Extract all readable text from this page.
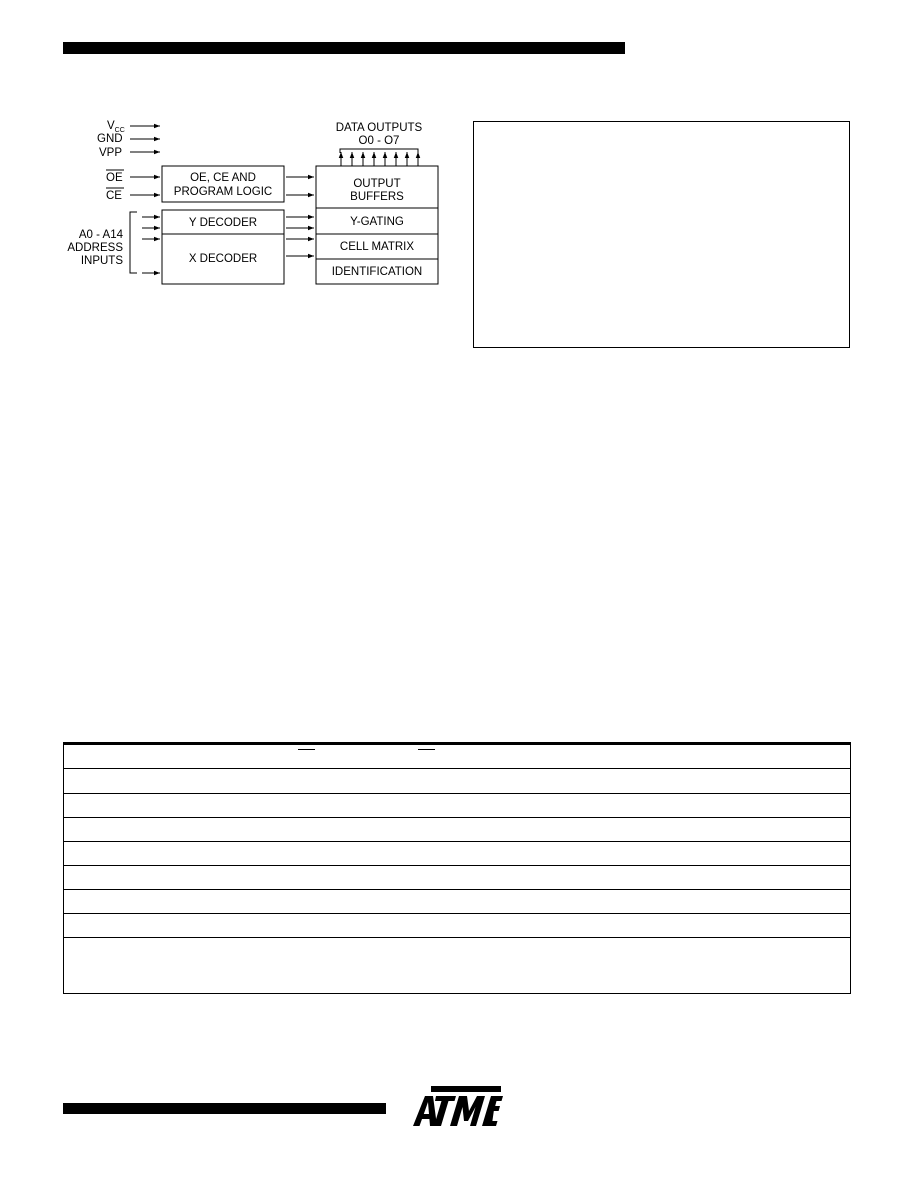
$V_{CC}$
GND
VPP
OE
CE
A0 - A14
ADDRESS
INPUTS
OE, CE AND
PROGRAM LOGIC
Y DECODER
X DECODER
OUTPUT
BUFFERS
Y-GATING
CELL MATRIX
IDENTIFICATION
DATA OUTPUTS
O0 - O7
